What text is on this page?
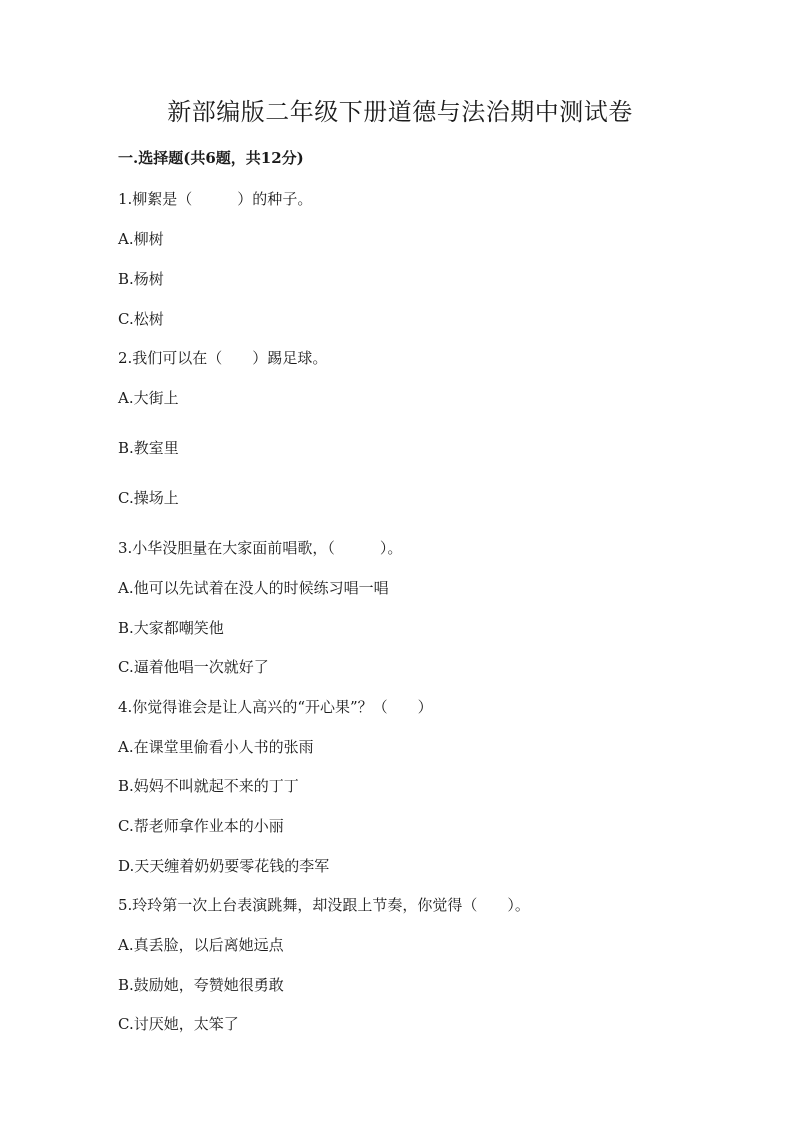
新部编版二年级下册道德与法治期中测试卷
一.选择题(共6题，共12分)
1.柳絮是（　　　）的种子。
A.柳树
B.杨树
C.松树
2.我们可以在（　　）踢足球。
A.大街上
B.教室里
C.操场上
3.小华没胆量在大家面前唱歌，（　　　）。
A.他可以先试着在没人的时候练习唱一唱
B.大家都嘲笑他
C.逼着他唱一次就好了
4.你觉得谁会是让人高兴的“开心果”？（　　）
A.在课堂里偷看小人书的张雨
B.妈妈不叫就起不来的丁丁
C.帮老师拿作业本的小丽
D.天天缠着奶奶要零花钱的李军
5.玲玲第一次上台表演跳舞，却没跟上节奏，你觉得（　　）。
A.真丢脸，以后离她远点
B.鼓励她，夸赞她很勇敢
C.讨厌她，太笨了
